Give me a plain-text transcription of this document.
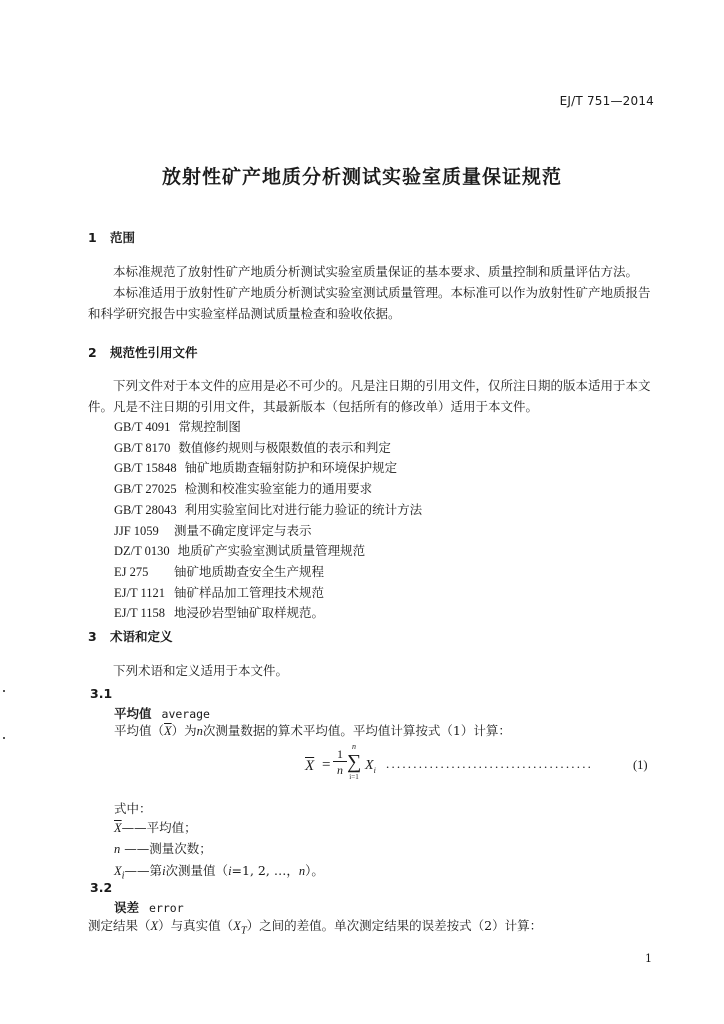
EJ/T 751—2014
放射性矿产地质分析测试实验室质量保证规范
1 范围

本标准规范了放射性矿产地质分析测试实验室质量保证的基本要求、质量控制和质量评估方法。

本标准适用于放射性矿产地质分析测试实验室测试质量管理。本标准可以作为放射性矿产地质报告和科学研究报告中实验室样品测试质量检查和验收依据。

2 规范性引用文件

下列文件对于本文件的应用是必不可少的。凡是注日期的引用文件，仅所注日期的版本适用于本文件。凡是不注日期的引用文件，其最新版本（包括所有的修改单）适用于本文件。

GB/T 4091 常规控制图
GB/T 8170 数值修约规则与极限数值的表示和判定
GB/T 15848 铀矿地质勘查辐射防护和环境保护规定
GB/T 27025 检测和校准实验室能力的通用要求
GB/T 28043 利用实验室间比对进行能力验证的统计方法
JJF 1059 测量不确定度评定与表示
DZ/T 0130 地质矿产实验室测试质量管理规范
EJ 275 铀矿地质勘查安全生产规程
EJ/T 1121 铀矿样品加工管理技术规范
EJ/T 1158 地浸砂岩型铀矿取样规范。
3 术语和定义

下列术语和定义适用于本文件。

3.1
平均值 average
平均值$(\overline{X})$为n次测量数据的算术平均值。平均值计算按式（1）计算：
$\overline{X} = \frac{1}{n}$
n
∑
i=1
$X_i$ ......................................	(1)
式中：
$\overline{X}——$平均值；
n ——测量次数；
$X_i——$第i次测量值（i=1, 2, …，n）。
3.2
误差 error
测定结果（X）与真实值$(X_T)$之间的差值。单次测定结果的误差按式（2）计算：
1
